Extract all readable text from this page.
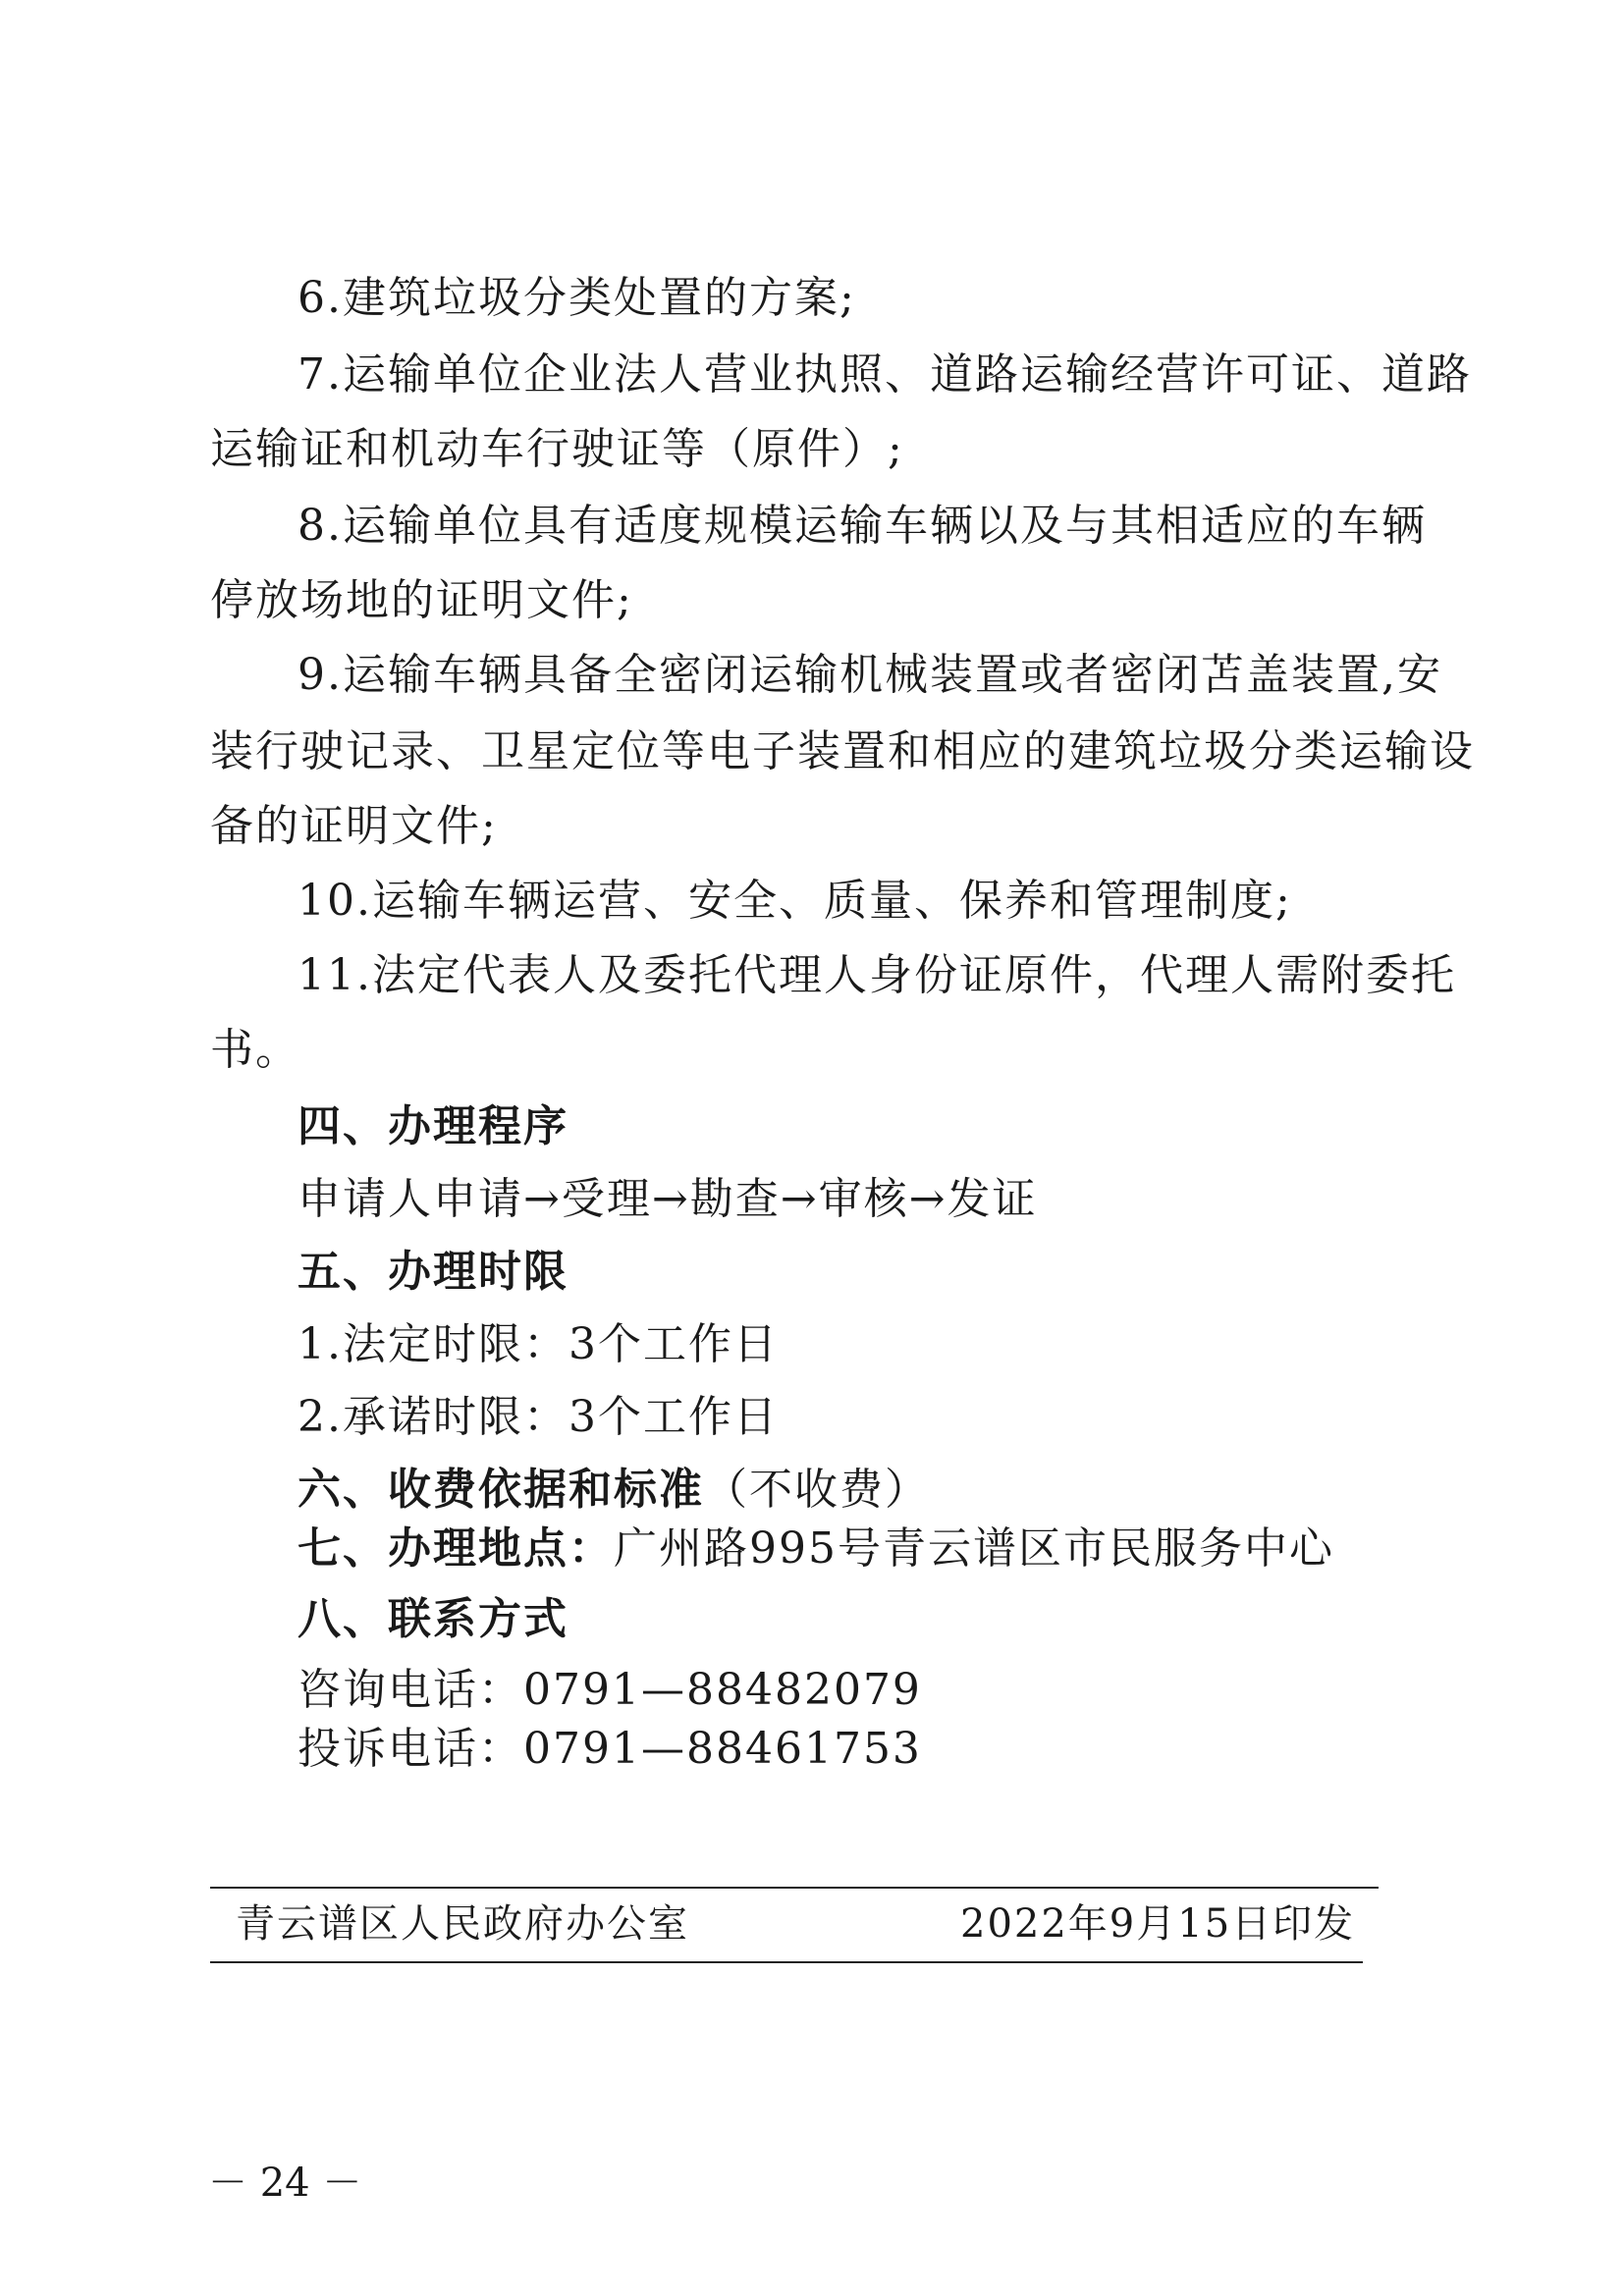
6.建筑垃圾分类处置的方案;
7.运输单位企业法人营业执照、道路运输经营许可证、道路
运输证和机动车行驶证等（原件）;
8.运输单位具有适度规模运输车辆以及与其相适应的车辆
停放场地的证明文件;
9.运输车辆具备全密闭运输机械装置或者密闭苫盖装置,安
装行驶记录、卫星定位等电子装置和相应的建筑垃圾分类运输设
备的证明文件;
10.运输车辆运营、安全、质量、保养和管理制度;
11.法定代表人及委托代理人身份证原件，代理人需附委托
书。
四、办理程序
申请人申请→受理→勘查→审核→发证
五、办理时限
1.法定时限：3个工作日
2.承诺时限：3个工作日
六、收费依据和标准（不收费）
七、办理地点：广州路995号青云谱区市民服务中心
八、联系方式
咨询电话：0791—88482079
投诉电话：0791—88461753
青云谱区人民政府办公室	2022年9月15日印发
－ 24 －
